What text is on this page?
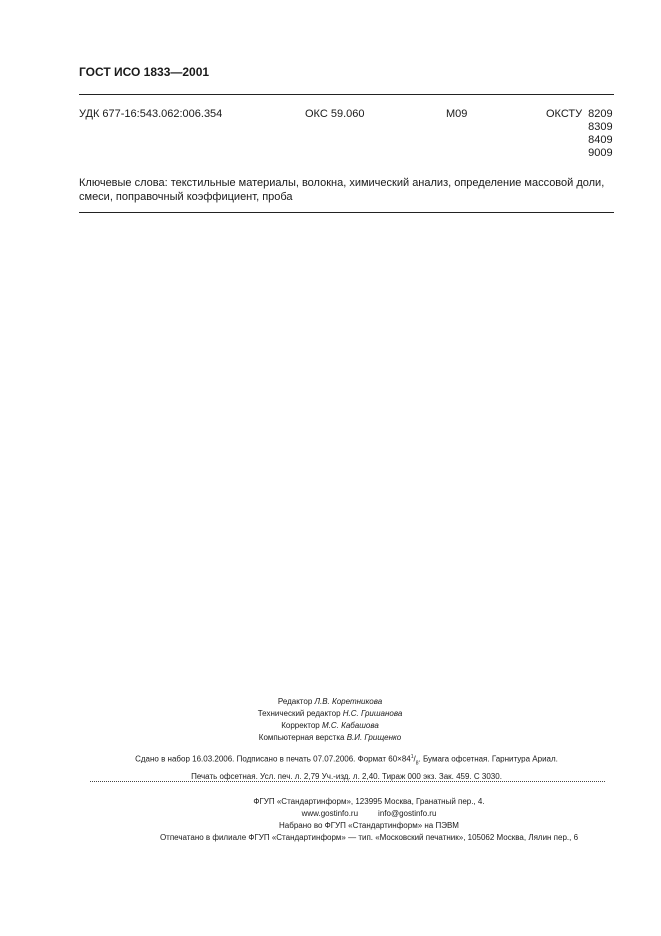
ГОСТ ИСО 1833—2001
УДК 677-16:543.062:006.354	ОКС 59.060	М09	ОКСТУ 8209
8309
8409
9009
Ключевые слова: текстильные материалы, волокна, химический анализ, определение массовой доли, смеси, поправочный коэффициент, проба
Редактор Л.В. Коретникова
Технический редактор Н.С. Гришанова
Корректор М.С. Кабашова
Компьютерная верстка В.И. Грищенко
Сдано в набор 16.03.2006. Подписано в печать 07.07.2006. Формат $60\times 84^1/_8$. Бумага офсетная. Гарнитура Ариал.
Печать офсетная. Усл. печ. л. 2,79 Уч.-изд. л. 2,40. Тираж 000 экз. Зак. 459. С 3030.
ФГУП «Стандартинформ», 123995 Москва, Гранатный пер., 4.
www.gostinfo.ru	info@gostinfo.ru
Набрано во ФГУП «Стандартинформ» на ПЭВМ
Отпечатано в филиале ФГУП «Стандартинформ» — тип. «Московский печатник», 105062 Москва, Лялин пер., 6
